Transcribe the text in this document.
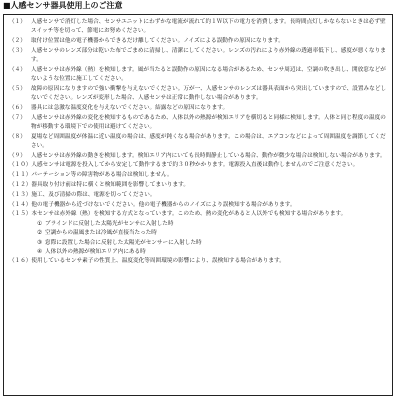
■人感センサ器具使用上のご注意
（１） 人感センサで消灯した場合、センサユニットにわずかな電流が流れて約１Ｗ以下の電力を消費します。長時間点灯しかならないときは必ず壁スイッチ等を切って、節電にお努めください。
（２） 取付け位置は他の電子機器からできるだけ離してください。ノイズによる誤動作の原因になります。
（３） 人感センサのレンズ部分は乾いた布でごまめに清掃し、清潔にしてください。レンズの汚れにより赤外線の透過率低下し、感度が悪くなります。
（４） 人感センサは赤外線（熱）を検知します。風が当たると誤動作の原因になる場合があるため、センサ周辺は、空調の吹き出し、開放窓などがないような位置に施工してください。
（５） 故障の原因になりますので強い衝撃を与えないでください。万が一、人感センサのレンズは器具表面から突出していますので、設置みなどしないでください。レンズが変形した場合、人感センサは正常に動作しない場合があります。
（６） 器具には急激な温度変化を与えないでください。結露などの原因になります。
（７） 人感センサは赤外線の変化を検知するものであるため、人体以外の熱源が検知エリアを横切ると同様に検知します。人体と同じ程度の温度の物が移動する環境下での使用は避けてください。
（８） 夏場など周囲温度が体温に近い温度の場合は、感度が鈍くなる場合があります。この場合は、エアコンなどによって周囲温度を調節してください。
（９） 人感センサは赤外線の動きを検知します。検知エリア内にいても長時間静止している場合、動作が微少な場合は検知しない場合があります。
（１０） 人感センサは電源を投入してから安定して動作するまで約３０秒かかります。電源投入直後は動作しませんのでご注意ください。
（１１） パーテーション等の障害物がある場合は検知しません。
（１２） 器具取り付け前は特に横くと検知範囲を影響してまいります。
（１３） 施工、及び清掃の際は、電源を切ってください。
（１４） 他の電子機器から近づけないでください。他の電子機器からのノイズにより誤検知する場合があります。
（１５） 本センサは赤外線（熱）を検知する方式となっています。このため、熱の変化があると人以外でも検知する場合があります。
① ブラインドに反射した太陽光がセンサに入射した時
② 空調からの温風または冷風が直接当たった時
③ 窓際に設置した場合に反射した太陽光がセンサーに入射した時
④ 人体以外の熱源が検知エリア内にある時
（１６） 使用しているセンサ素子の性質上、温度変化等周囲環境の影響により、誤検知する場合があります。
